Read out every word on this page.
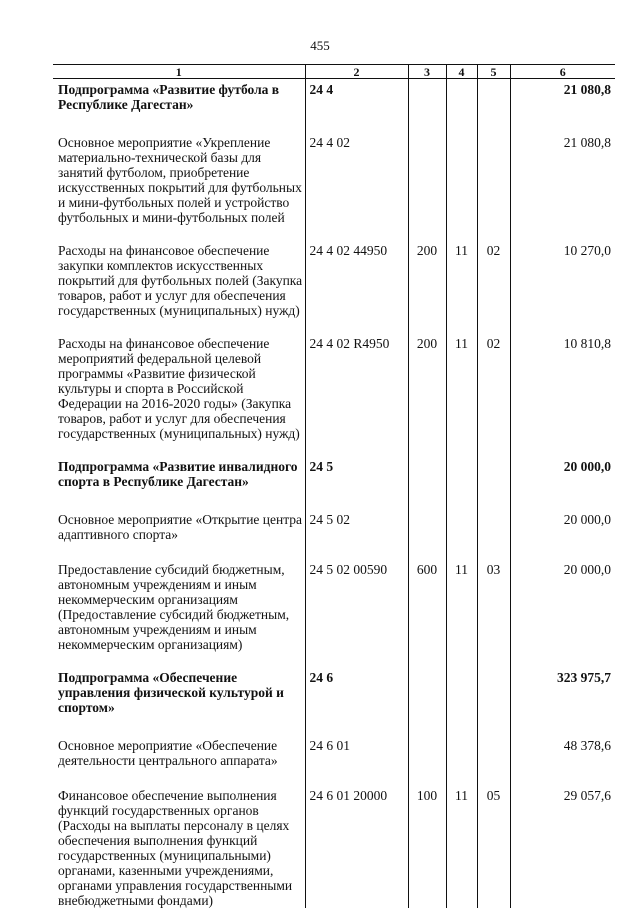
455
1	2	3	4	5	6
Подпрограмма «Развитие футбола в Республике Дагестан»	24 4				21 080,8
Основное мероприятие «Укрепление материально-технической базы для занятий футболом, приобретение искусственных покрытий для футбольных и мини-футбольных полей и устройство футбольных и мини-футбольных полей	24 4 02				21 080,8
Расходы на финансовое обеспечение закупки комплектов искусственных покрытий для футбольных полей (Закупка товаров, работ и услуг для обеспечения государственных (муниципальных) нужд)	24 4 02 44950	200	11	02	10 270,0
Расходы на финансовое обеспечение мероприятий федеральной целевой программы «Развитие физической культуры и спорта в Российской Федерации на 2016-2020 годы» (Закупка товаров, работ и услуг для обеспечения государственных (муниципальных) нужд)	24 4 02 R4950	200	11	02	10 810,8
Подпрограмма «Развитие инвалидного спорта в Республике Дагестан»	24 5				20 000,0
Основное мероприятие «Открытие центра адаптивного спорта»	24 5 02				20 000,0
Предоставление субсидий бюджетным, автономным учреждениям и иным некоммерческим организациям (Предоставление субсидий бюджетным, автономным учреждениям и иным некоммерческим организациям)	24 5 02 00590	600	11	03	20 000,0
Подпрограмма «Обеспечение управления физической культурой и спортом»	24 6				323 975,7
Основное мероприятие «Обеспечение деятельности центрального аппарата»	24 6 01				48 378,6
Финансовое обеспечение выполнения функций государственных органов (Расходы на выплаты персоналу в целях обеспечения выполнения функций государственных (муниципальными) органами, казенными учреждениями, органами управления государственными внебюджетными фондами)	24 6 01 20000	100	11	05	29 057,6
